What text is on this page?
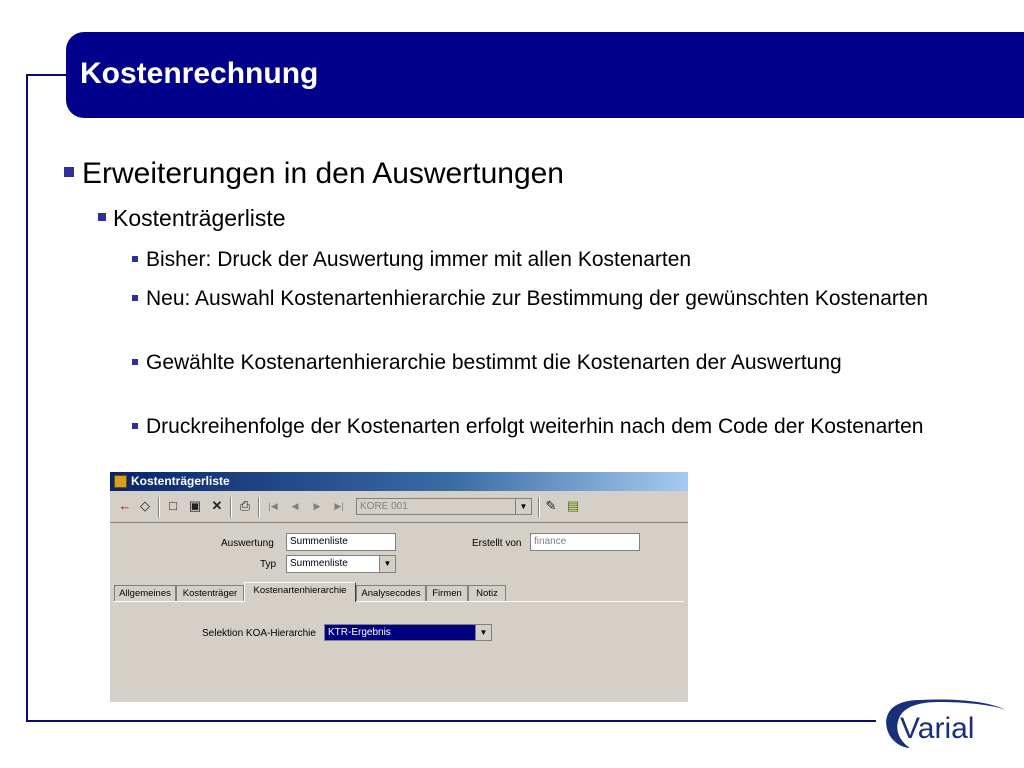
Kostenrechnung
Erweiterungen in den Auswertungen
Kostenträgerliste
Bisher: Druck der Auswertung immer mit allen Kostenarten
Neu: Auswahl Kostenartenhierarchie zur Bestimmung der gewünschten Kostenarten
Gewählte Kostenartenhierarchie bestimmt die Kostenarten der Auswertung
Druckreihenfolge der Kostenarten erfolgt weiterhin nach dem Code der Kostenarten
Kostenträgerliste
← ◇	□ ▣ ✕ ⎙	|◀	◀	▶	▶|	KORE 001	▼ ✎ ▤
Auswertung	Summenliste	Erstellt von	finance
Typ	Summenliste	▼
Allgemeines	Kostenträger	Kostenartenhierarchie	Analysecodes	Firmen	Notiz
Selektion KOA-Hierarchie	KTR-Ergebnis	▼
Varial
